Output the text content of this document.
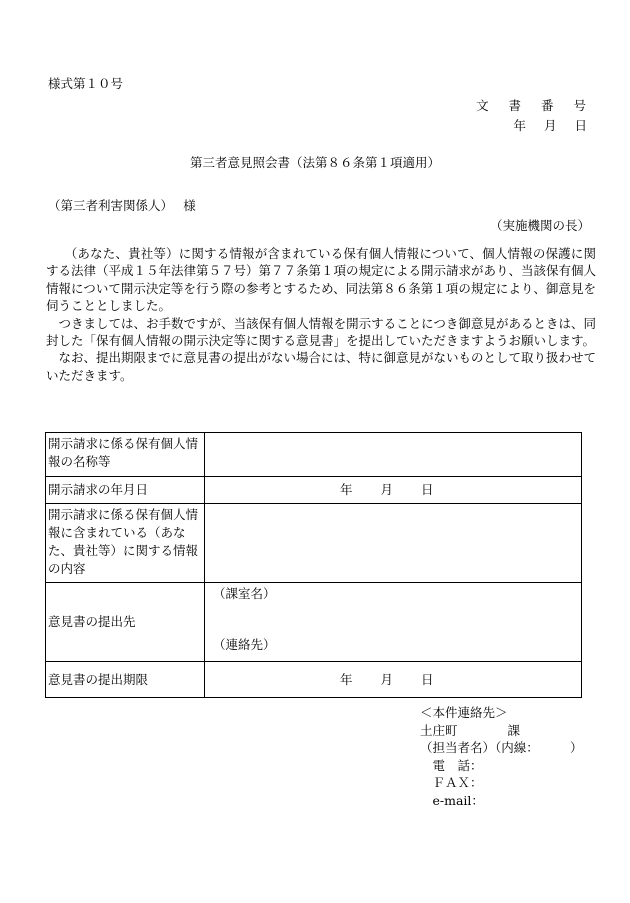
様式第１０号
文 書 番 号
年 月 日
第三者意見照会書（法第８６条第１項適用）
（第三者利害関係人）　 様
（実施機関の長）

（あなた、貴社等）に関する情報が含まれている保有個人情報について、個人情報の保護に関する法律（平成１５年法律第５７号）第７７条第１項の規定による開示請求があり、当該保有個人情報について開示決定等を行う際の参考とするため、同法第８６条第１項の規定により、御意見を伺うこととしました。

つきましては、お手数ですが、当該保有個人情報を開示することにつき御意見があるときは、同封した「保有個人情報の開示決定等に関する意見書」を提出していただきますようお願いします。

なお、提出期限までに意見書の提出がない場合には、特に御意見がないものとして取り扱わせていただきます。

開示請求に係る保有個人情報の名称等	
開示請求の年月日	年 月 日
開示請求に係る保有個人情報に含まれている（あなた、貴社等）に関する情報の内容	
意見書の提出先	（課室名）
（連絡先）

意見書の提出期限	年 月 日
＜本件連絡先＞
土庄町　　　　課
（担当者名）（内線：　　　）
　電　話：
　ＦＡＸ：
　e-mail：
